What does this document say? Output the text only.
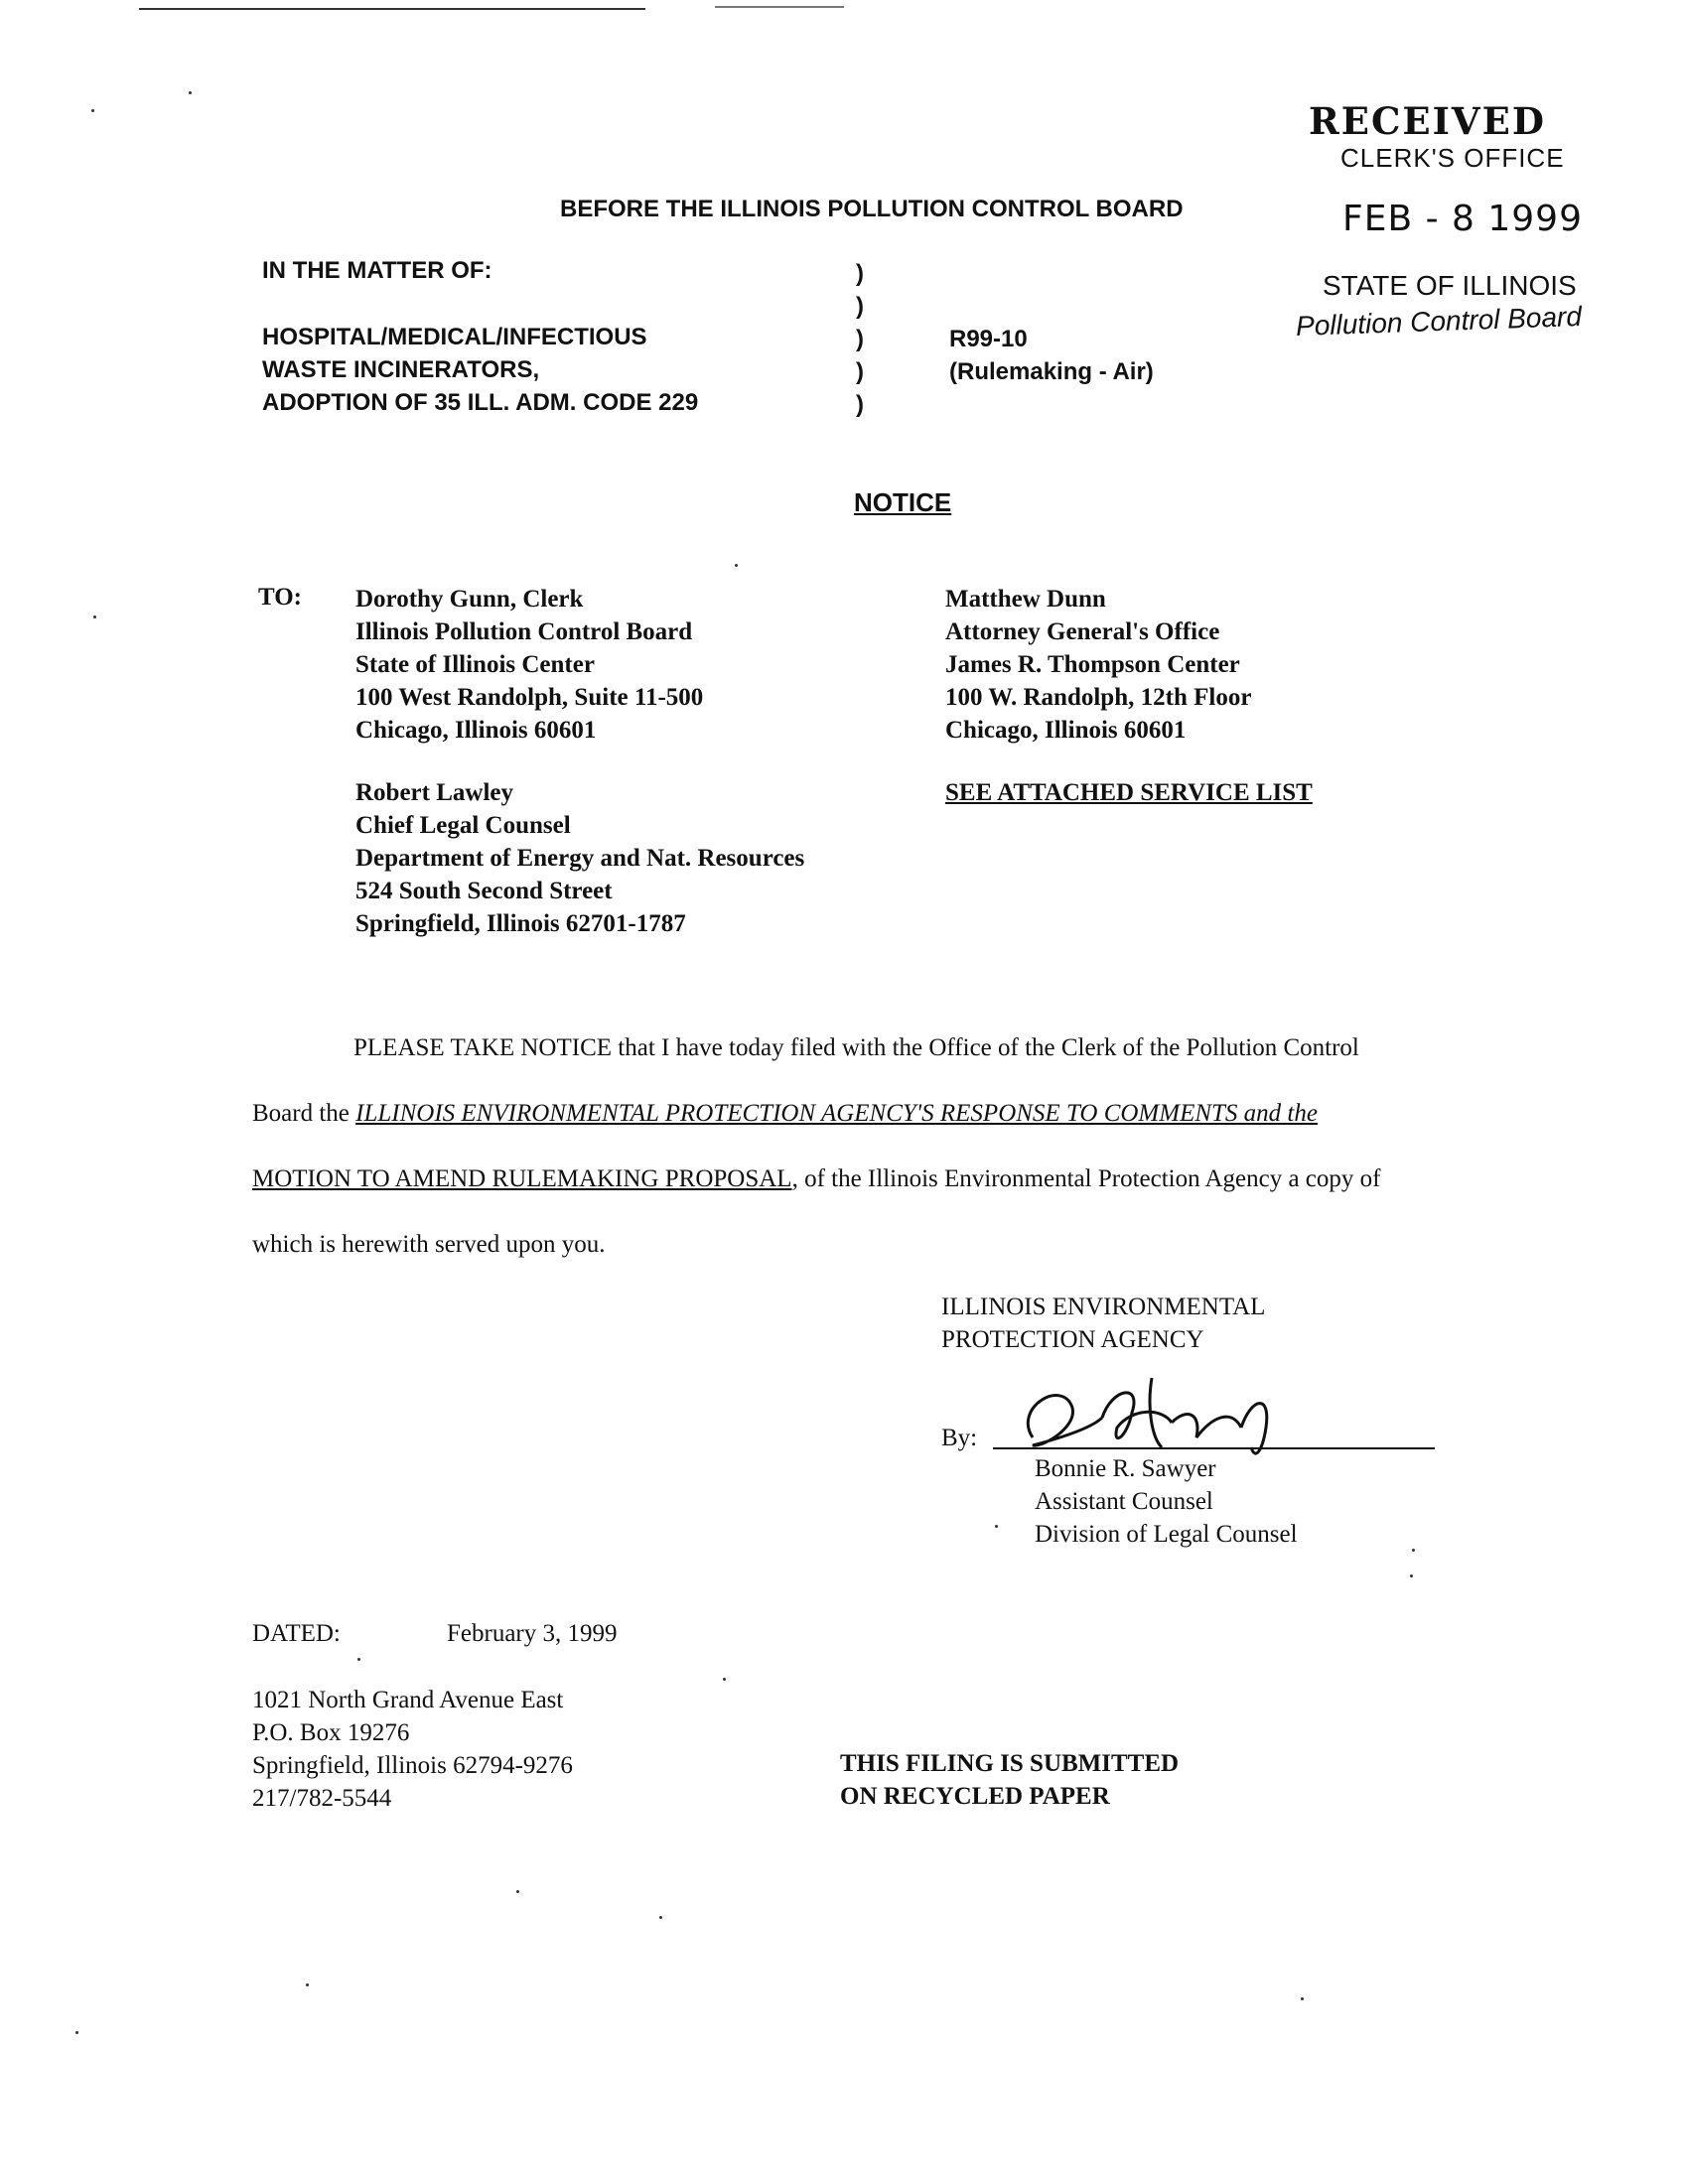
RECEIVED
CLERK'S OFFICE
FEB - 8 1999
STATE OF ILLINOIS
Pollution Control Board
BEFORE THE ILLINOIS POLLUTION CONTROL BOARD
IN THE MATTER OF:
HOSPITAL/MEDICAL/INFECTIOUS
WASTE INCINERATORS,
ADOPTION OF 35 ILL. ADM. CODE 229
)
)
)
)
)
R99-10
(Rulemaking - Air)
NOTICE
TO: Dorothy Gunn, Clerk
Illinois Pollution Control Board
State of Illinois Center
100 West Randolph, Suite 11-500
Chicago, Illinois 60601
Matthew Dunn
Attorney General's Office
James R. Thompson Center
100 W. Randolph, 12th Floor
Chicago, Illinois 60601
Robert Lawley
Chief Legal Counsel
Department of Energy and Nat. Resources
524 South Second Street
Springfield, Illinois 62701-1787
SEE ATTACHED SERVICE LIST
PLEASE TAKE NOTICE that I have today filed with the Office of the Clerk of the Pollution Control
Board the ILLINOIS ENVIRONMENTAL PROTECTION AGENCY'S RESPONSE TO COMMENTS and the
MOTION TO AMEND RULEMAKING PROPOSAL, of the Illinois Environmental Protection Agency a copy of
which is herewith served upon you.
ILLINOIS ENVIRONMENTAL
PROTECTION AGENCY
By:
Bonnie R. Sawyer
Assistant Counsel
Division of Legal Counsel
DATED:	February 3, 1999
1021 North Grand Avenue East
P.O. Box 19276
Springfield, Illinois 62794-9276
217/782-5544
THIS FILING IS SUBMITTED
ON RECYCLED PAPER
